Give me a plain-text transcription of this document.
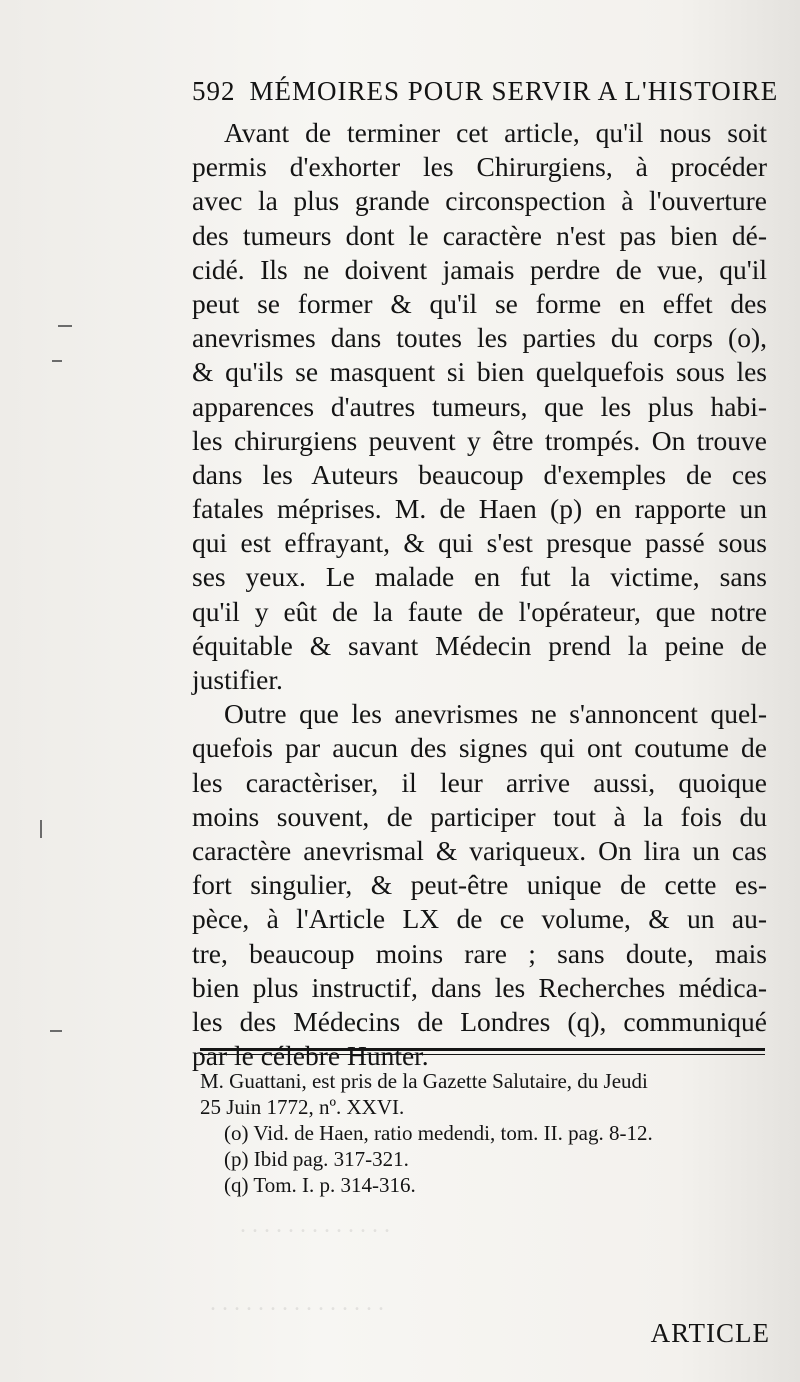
592 MÉMOIRES POUR SERVIR A L'HISTOIRE
Avant de terminer cet article, qu'il nous soit
permis d'exhorter les Chirurgiens, à procéder
avec la plus grande circonspection à l'ouverture
des tumeurs dont le caractère n'est pas bien dé-
cidé. Ils ne doivent jamais perdre de vue, qu'il
peut se former & qu'il se forme en effet des
anevrismes dans toutes les parties du corps (o),
& qu'ils se masquent si bien quelquefois sous les
apparences d'autres tumeurs, que les plus habi-
les chirurgiens peuvent y être trompés. On trouve
dans les Auteurs beaucoup d'exemples de ces
fatales méprises. M. de Haen (p) en rapporte un
qui est effrayant, & qui s'est presque passé sous
ses yeux. Le malade en fut la victime, sans
qu'il y eût de la faute de l'opérateur, que notre
équitable & savant Médecin prend la peine de
justifier.
Outre que les anevrismes ne s'annoncent quel-
quefois par aucun des signes qui ont coutume de
les caractèriser, il leur arrive aussi, quoique
moins souvent, de participer tout à la fois du
caractère anevrismal & variqueux. On lira un cas
fort singulier, & peut-être unique de cette es-
pèce, à l'Article LX de ce volume, & un au-
tre, beaucoup moins rare ; sans doute, mais
bien plus instructif, dans les Recherches médica-
les des Médecins de Londres (q), communiqué
par le célebre Hunter.
M. Guattani, est pris de la Gazette Salutaire, du Jeudi
25 Juin 1772, nº. XXVI.
(o) Vid. de Haen, ratio medendi, tom. II. pag. 8-12.
(p) Ibid pag. 317-321.
(q) Tom. I. p. 314-316.
ARTICLE
. . . . . . . . . . . . .
. . . . . . . . . . . . . . .
